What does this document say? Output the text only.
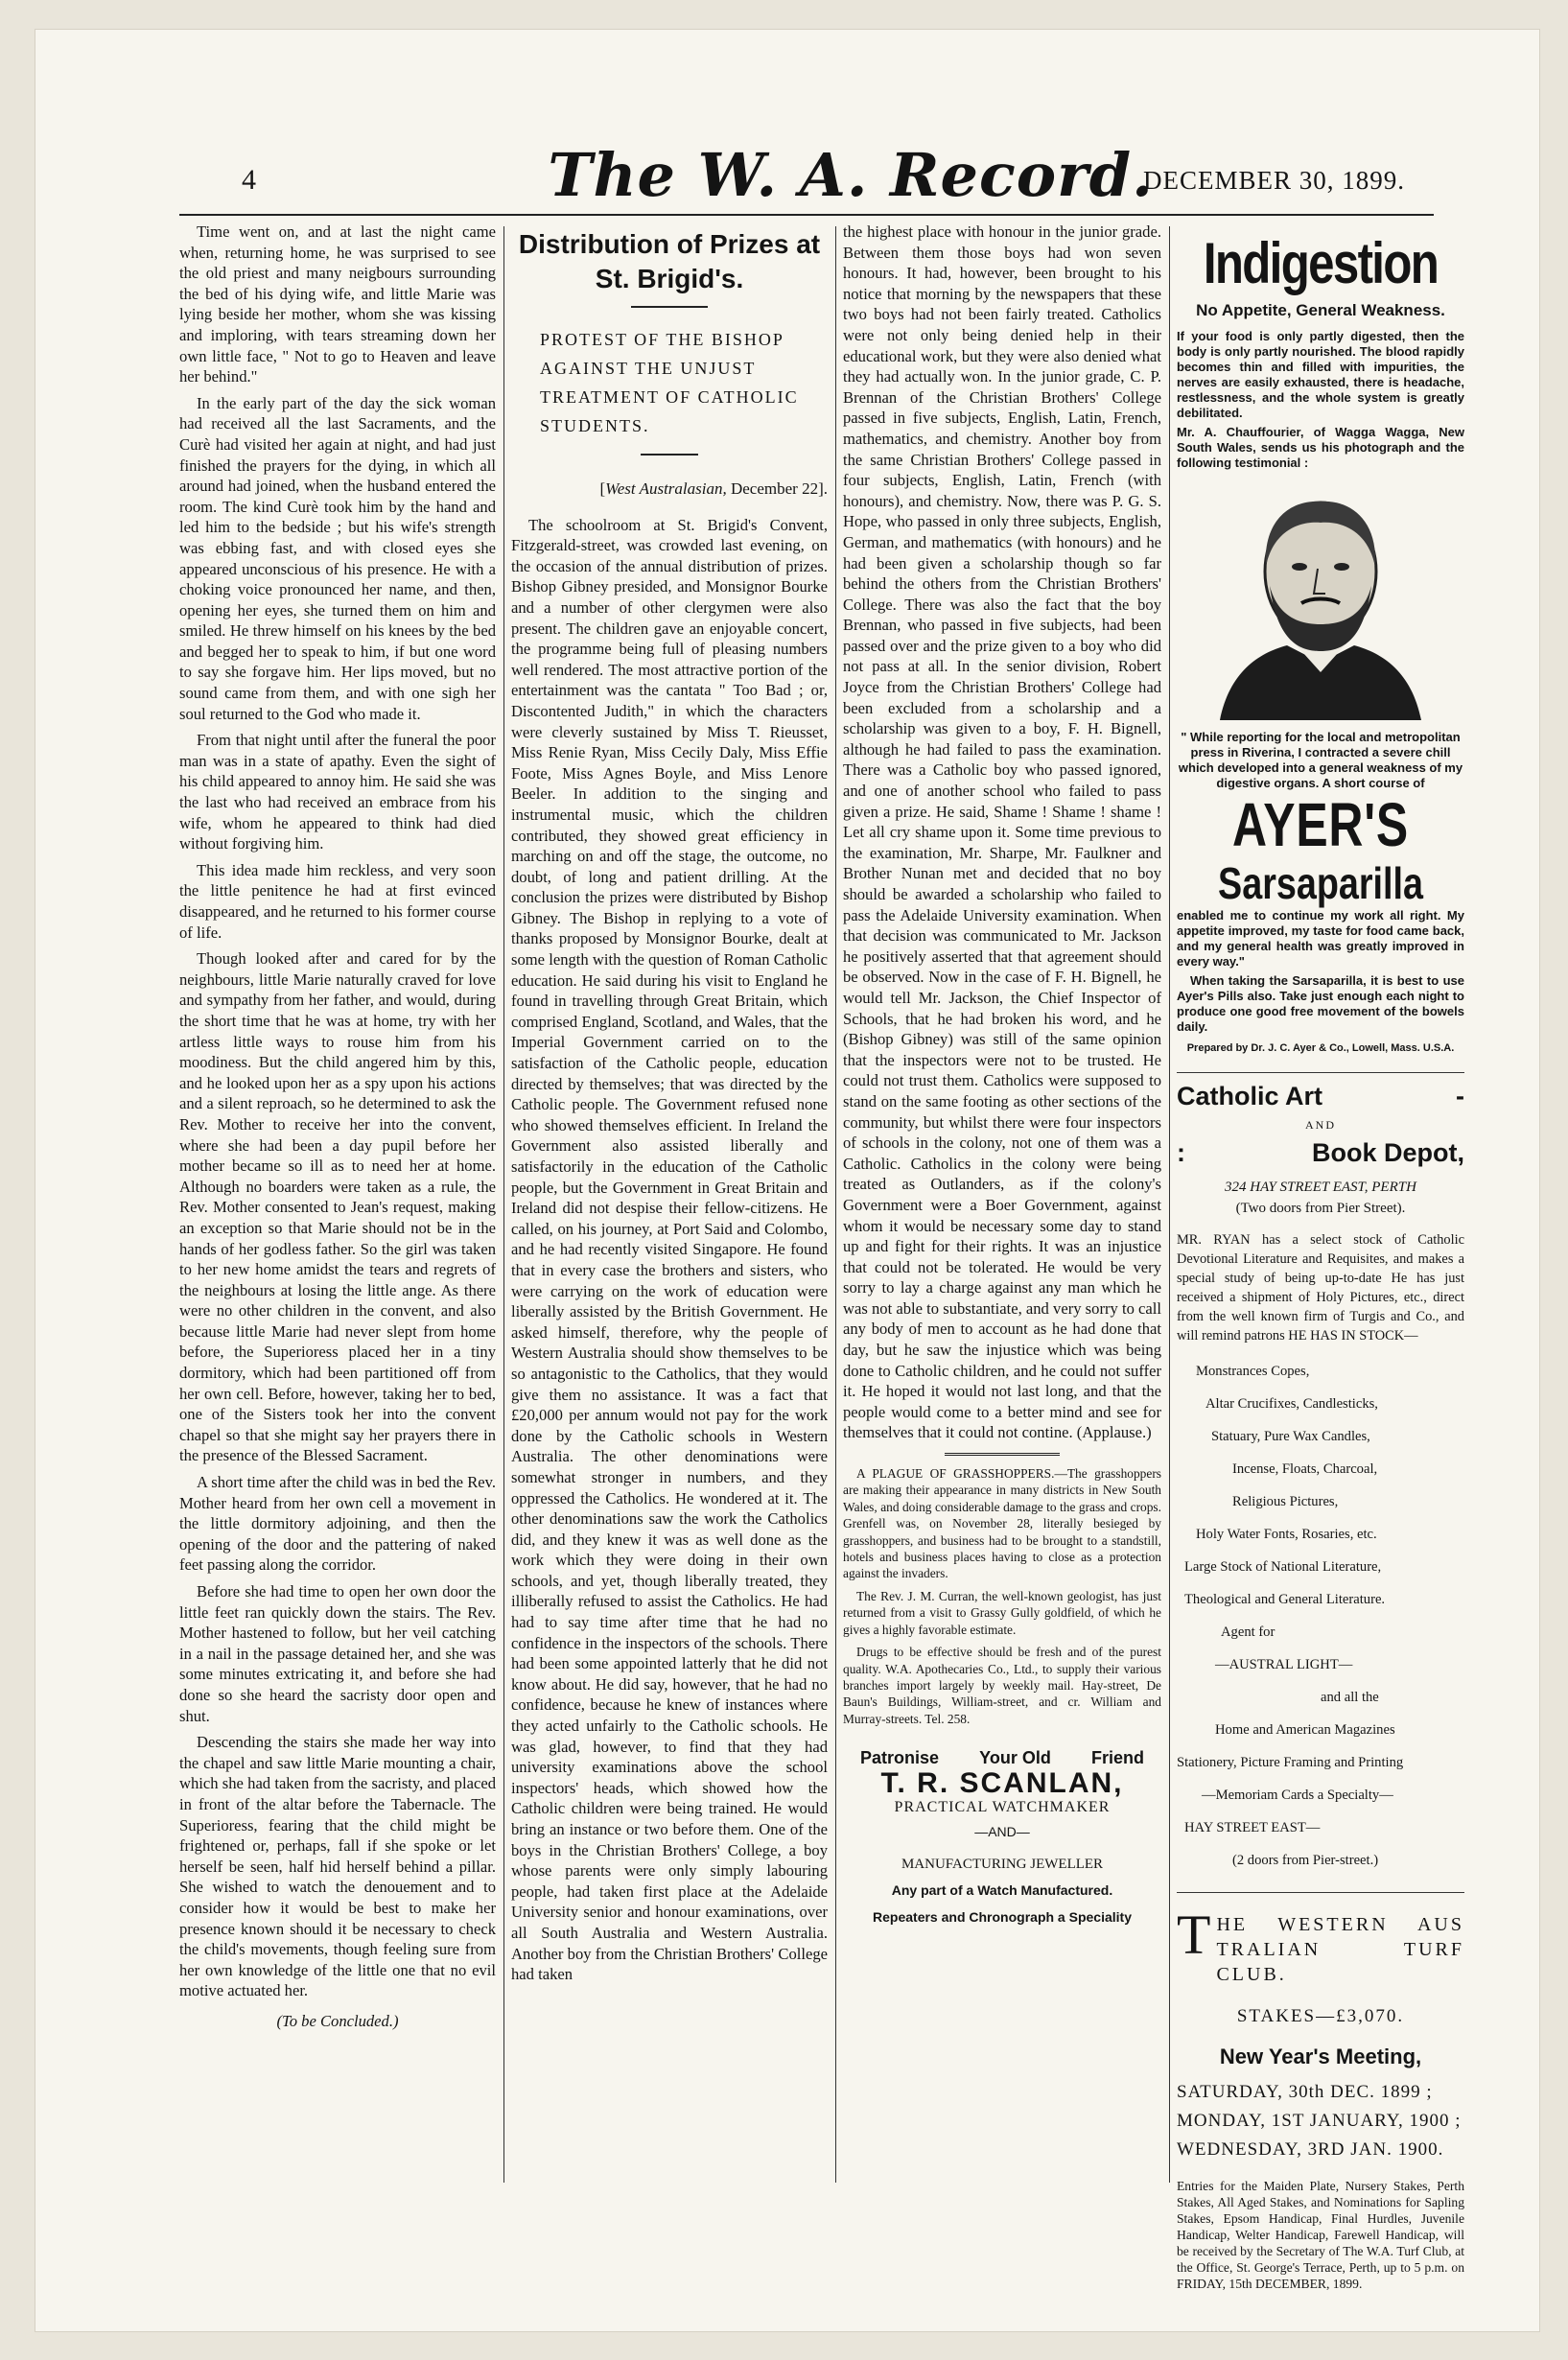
4	The W. A. Record.
DECEMBER 30, 1899.

Time went on, and at last the night came when, returning home, he was surprised to see the old priest and many neigbours surrounding the bed of his dying wife, and little Marie was lying beside her mother, whom she was kissing and imploring, with tears streaming down her own little face, " Not to go to Heaven and leave her behind."

In the early part of the day the sick woman had received all the last Sacraments, and the Curè had visited her again at night, and had just finished the prayers for the dying, in which all around had joined, when the husband entered the room. The kind Curè took him by the hand and led him to the bedside ; but his wife's strength was ebbing fast, and with closed eyes she appeared unconscious of his presence. He with a choking voice pronounced her name, and then, opening her eyes, she turned them on him and smiled. He threw himself on his knees by the bed and begged her to speak to him, if but one word to say she forgave him. Her lips moved, but no sound came from them, and with one sigh her soul returned to the God who made it.

From that night until after the funeral the poor man was in a state of apathy. Even the sight of his child appeared to annoy him. He said she was the last who had received an embrace from his wife, whom he appeared to think had died without forgiving him.

This idea made him reckless, and very soon the little penitence he had at first evinced disappeared, and he returned to his former course of life.

Though looked after and cared for by the neighbours, little Marie naturally craved for love and sympathy from her father, and would, during the short time that he was at home, try with her artless little ways to rouse him from his moodiness. But the child angered him by this, and he looked upon her as a spy upon his actions and a silent reproach, so he determined to ask the Rev. Mother to receive her into the convent, where she had been a day pupil before her mother became so ill as to need her at home. Although no boarders were taken as a rule, the Rev. Mother consented to Jean's request, making an exception so that Marie should not be in the hands of her godless father. So the girl was taken to her new home amidst the tears and regrets of the neighbours at losing the little ange. As there were no other children in the convent, and also because little Marie had never slept from home before, the Superioress placed her in a tiny dormitory, which had been partitioned off from her own cell. Before, however, taking her to bed, one of the Sisters took her into the convent chapel so that she might say her prayers there in the presence of the Blessed Sacrament.

A short time after the child was in bed the Rev. Mother heard from her own cell a movement in the little dormitory adjoining, and then the opening of the door and the pattering of naked feet passing along the corridor.

Before she had time to open her own door the little feet ran quickly down the stairs. The Rev. Mother hastened to follow, but her veil catching in a nail in the passage detained her, and she was some minutes extricating it, and before she had done so she heard the sacristy door open and shut.

Descending the stairs she made her way into the chapel and saw little Marie mounting a chair, which she had taken from the sacristy, and placed in front of the altar before the Tabernacle. The Superioress, fearing that the child might be frightened or, perhaps, fall if she spoke or let herself be seen, half hid herself behind a pillar. She wished to watch the denouement and to consider how it would be best to make her presence known should it be necessary to check the child's movements, though feeling sure from her own knowledge of the little one that no evil motive actuated her.

(To be Concluded.)
Distribution of Prizes at St. Brigid's.
PROTEST OF THE BISHOP AGAINST THE UNJUST TREATMENT OF CATHOLIC STUDENTS.
[West Australasian, December 22].

The schoolroom at St. Brigid's Convent, Fitzgerald-street, was crowded last evening, on the occasion of the annual distribution of prizes. Bishop Gibney presided, and Monsignor Bourke and a number of other clergymen were also present. The children gave an enjoyable concert, the programme being full of pleasing numbers well rendered. The most attractive portion of the entertainment was the cantata " Too Bad ; or, Discontented Judith," in which the characters were cleverly sustained by Miss T. Rieusset, Miss Renie Ryan, Miss Cecily Daly, Miss Effie Foote, Miss Agnes Boyle, and Miss Lenore Beeler. In addition to the singing and instrumental music, which the children contributed, they showed great efficiency in marching on and off the stage, the outcome, no doubt, of long and patient drilling. At the conclusion the prizes were distributed by Bishop Gibney. The Bishop in replying to a vote of thanks proposed by Monsignor Bourke, dealt at some length with the question of Roman Catholic education. He said during his visit to England he found in travelling through Great Britain, which comprised England, Scotland, and Wales, that the Imperial Government carried on to the satisfaction of the Catholic people, education directed by themselves; that was directed by the Catholic people. The Government refused none who showed themselves efficient. In Ireland the Government also assisted liberally and satisfactorily in the education of the Catholic people, but the Government in Great Britain and Ireland did not despise their fellow-citizens. He called, on his journey, at Port Said and Colombo, and he had recently visited Singapore. He found that in every case the brothers and sisters, who were carrying on the work of education were liberally assisted by the British Government. He asked himself, therefore, why the people of Western Australia should show themselves to be so antagonistic to the Catholics, that they would give them no assistance. It was a fact that £20,000 per annum would not pay for the work done by the Catholic schools in Western Australia. The other denominations were somewhat stronger in numbers, and they oppressed the Catholics. He wondered at it. The other denominations saw the work the Catholics did, and they knew it was as well done as the work which they were doing in their own schools, and yet, though liberally treated, they illiberally refused to assist the Catholics. He had had to say time after time that he had no confidence in the inspectors of the schools. There had been some appointed latterly that he did not know about. He did say, however, that he had no confidence, because he knew of instances where they acted unfairly to the Catholic schools. He was glad, however, to find that they had university examinations above the school inspectors' heads, which showed how the Catholic children were being trained. He would bring an instance or two before them. One of the boys in the Christian Brothers' College, a boy whose parents were only simply labouring people, had taken first place at the Adelaide University senior and honour examinations, over all South Australia and Western Australia. Another boy from the Christian Brothers' College had taken

the highest place with honour in the junior grade. Between them those boys had won seven honours. It had, however, been brought to his notice that morning by the newspapers that these two boys had not been fairly treated. Catholics were not only being denied help in their educational work, but they were also denied what they had actually won. In the junior grade, C. P. Brennan of the Christian Brothers' College passed in five subjects, English, Latin, French, mathematics, and chemistry. Another boy from the same Christian Brothers' College passed in four subjects, English, Latin, French (with honours), and chemistry. Now, there was P. G. S. Hope, who passed in only three subjects, English, German, and mathematics (with honours) and he had been given a scholarship though so far behind the others from the Christian Brothers' College. There was also the fact that the boy Brennan, who passed in five subjects, had been passed over and the prize given to a boy who did not pass at all. In the senior division, Robert Joyce from the Christian Brothers' College had been excluded from a scholarship and a scholarship was given to a boy, F. H. Bignell, although he had failed to pass the examination. There was a Catholic boy who passed ignored, and one of another school who failed to pass given a prize. He said, Shame ! Shame ! shame ! Let all cry shame upon it. Some time previous to the examination, Mr. Sharpe, Mr. Faulkner and Brother Nunan met and decided that no boy should be awarded a scholarship who failed to pass the Adelaide University examination. When that decision was communicated to Mr. Jackson he positively asserted that that agreement should be observed. Now in the case of F. H. Bignell, he would tell Mr. Jackson, the Chief Inspector of Schools, that he had broken his word, and he (Bishop Gibney) was still of the same opinion that the inspectors were not to be trusted. He could not trust them. Catholics were supposed to stand on the same footing as other sections of the community, but whilst there were four inspectors of schools in the colony, not one of them was a Catholic. Catholics in the colony were being treated as Outlanders, as if the colony's Government were a Boer Government, against whom it would be necessary some day to stand up and fight for their rights. It was an injustice that could not be tolerated. He would be very sorry to lay a charge against any man which he was not able to substantiate, and very sorry to call any body of men to account as he had done that day, but he saw the injustice which was being done to Catholic children, and he could not suffer it. He hoped it would not last long, and that the people would come to a better mind and see for themselves that it could not contine. (Applause.)

A PLAGUE OF GRASSHOPPERS.—The grasshoppers are making their appearance in many districts in New South Wales, and doing considerable damage to the grass and crops. Grenfell was, on November 28, literally besieged by grasshoppers, and business had to be brought to a standstill, hotels and business places having to close as a protection against the invaders.

The Rev. J. M. Curran, the well-known geologist, has just returned from a visit to Grassy Gully goldfield, of which he gives a highly favorable estimate.

Drugs to be effective should be fresh and of the purest quality. W.A. Apothecaries Co., Ltd., to supply their various branches import largely by weekly mail. Hay-street, De Baun's Buildings, William-street, and cr. William and Murray-streets. Tel. 258.

Patronise Your Old Friend
T. R. SCANLAN,
PRACTICAL WATCHMAKER
—AND—
MANUFACTURING JEWELLER
Any part of a Watch Manufactured.
Repeaters and Chronograph a Speciality
Indigestion
No Appetite, General Weakness.
If your food is only partly digested, then the body is only partly nourished. The blood rapidly becomes thin and filled with impurities, the nerves are easily exhausted, there is headache, restlessness, and the whole system is greatly debilitated.
Mr. A. Chauffourier, of Wagga Wagga, New South Wales, sends us his photograph and the following testimonial :
" While reporting for the local and metropolitan press in Riverina, I contracted a severe chill which developed into a general weakness of my digestive organs. A short course of
AYER'S
Sarsaparilla
enabled me to continue my work all right. My appetite improved, my taste for food came back, and my general health was greatly improved in every way."
When taking the Sarsaparilla, it is best to use Ayer's Pills also. Take just enough each night to produce one good free movement of the bowels daily.
Prepared by Dr. J. C. Ayer & Co., Lowell, Mass. U.S.A.
Catholic Art	-
AND
:	Book Depot,
324 HAY STREET EAST, PERTH
(Two doors from Pier Street).
MR. RYAN has a select stock of Catholic Devotional Literature and Requisites, and makes a special study of being up-to-date He has just received a shipment of Holy Pictures, etc., direct from the well known firm of Turgis and Co., and will remind patrons HE HAS IN STOCK—
Monstrances Copes,
Altar Crucifixes, Candlesticks,
Statuary, Pure Wax Candles,
Incense, Floats, Charcoal,
Religious Pictures,
Holy Water Fonts, Rosaries, etc.
Large Stock of National Literature,
Theological and General Literature.
Agent for
—AUSTRAL LIGHT—
and all the
Home and American Magazines
Stationery, Picture Framing and Printing
—Memoriam Cards a Specialty—
HAY STREET EAST—
(2 doors from Pier-street.)
T HE WESTERN AUS TRALIAN TURF CLUB.
STAKES—£3,070.
New Year's Meeting,
SATURDAY, 30th DEC. 1899 ;
MONDAY, 1ST JANUARY, 1900 ;
WEDNESDAY, 3RD JAN. 1900.
Entries for the Maiden Plate, Nursery Stakes, Perth Stakes, All Aged Stakes, and Nominations for Sapling Stakes, Epsom Handicap, Final Hurdles, Juvenile Handicap, Welter Handicap, Farewell Handicap, will be received by the Secretary of The W.A. Turf Club, at the Office, St. George's Terrace, Perth, up to 5 p.m. on FRIDAY, 15th DECEMBER, 1899.
